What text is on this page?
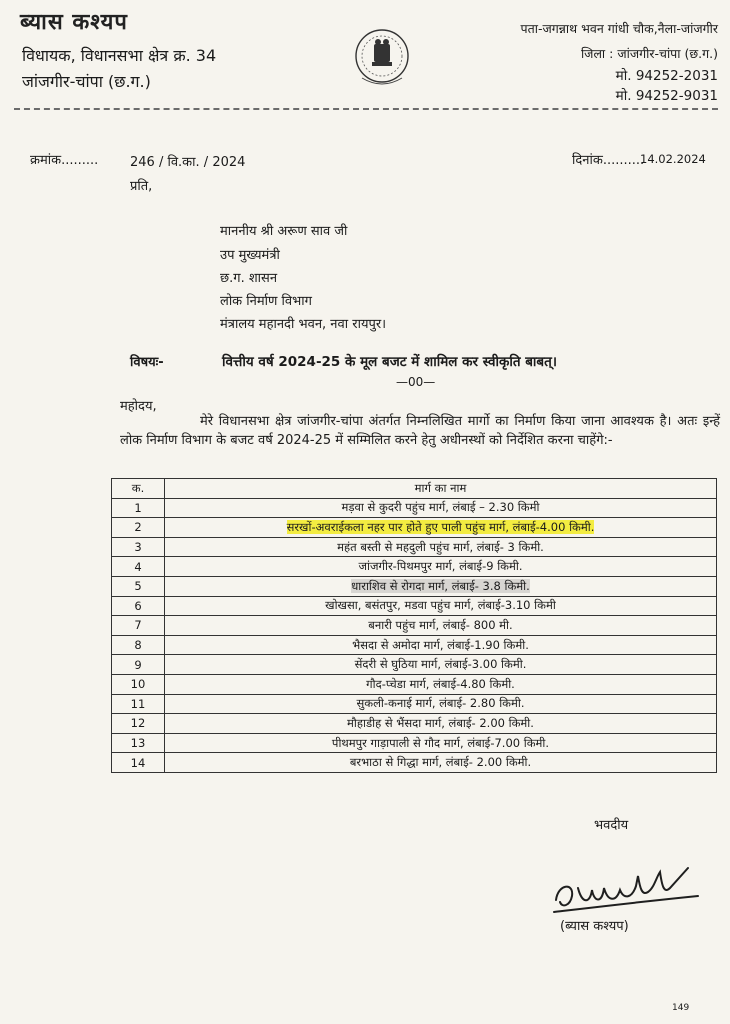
ब्यास कश्यप
विधायक, विधानसभा क्षेत्र क्र. 34
जांजगीर-चांपा (छ.ग.)
पता-जगन्नाथ भवन गांधी चौक,नैला-जांजगीर
जिला : जांजगीर-चांपा (छ.ग.)
मो. 94252-2031
मो. 94252-9031
क्रमांक......... 246 / वि.का. / 2024	दिनांक..........
14.02.2024
प्रति,
माननीय श्री अरूण साव जी
उप मुख्यमंत्री
छ.ग. शासन
लोक निर्माण विभाग
मंत्रालय महानदी भवन, नवा रायपुर।
विषयः-	वित्तीय वर्ष 2024-25 के मूल बजट में शामिल कर स्वीकृति बाबत्।
—00—
महोदय,
मेरे विधानसभा क्षेत्र जांजगीर-चांपा अंतर्गत निम्नलिखित मार्गो का निर्माण किया जाना आवश्यक है। अतः इन्हें लोक निर्माण विभाग के बजट वर्ष 2024-25 में सम्मिलित करने हेतु अधीनस्थों को निर्देशित करना चाहेंगे:-
क.	मार्ग का नाम
1	मड़वा से कुदरी पहुंच मार्ग, लंबाई – 2.30 किमी
2	सरखों-अवराईकला नहर पार होते हुए पाली पहुंच मार्ग, लंबाई-4.00 किमी.
3	महंत बस्ती से महदुली पहुंच मार्ग, लंबाई- 3 किमी.
4	जांजगीर-पिथमपुर मार्ग, लंबाई-9 किमी.
5	धाराशिव से रोगदा मार्ग, लंबाई- 3.8 किमी.
6	खोखसा, बसंतपुर, मडवा पहुंच मार्ग, लंबाई-3.10 किमी
7	बनारी पहुंच मार्ग, लंबाई- 800 मी.
8	भैसदा से अमोदा मार्ग, लंबाई-1.90 किमी.
9	सेंदरी से घुठिया मार्ग, लंबाई-3.00 किमी.
10	गौद-प्चेडा मार्ग, लंबाई-4.80 किमी.
11	सुकली-कनाई मार्ग, लंबाई- 2.80 किमी.
12	मौहाडीह से भैंसदा मार्ग, लंबाई- 2.00 किमी.
13	पीथमपुर गाड़ापाली से गौद मार्ग, लंबाई-7.00 किमी.
14	बरभाठा से गिद्धा मार्ग, लंबाई- 2.00 किमी.
भवदीय
(ब्यास कश्यप)
149
